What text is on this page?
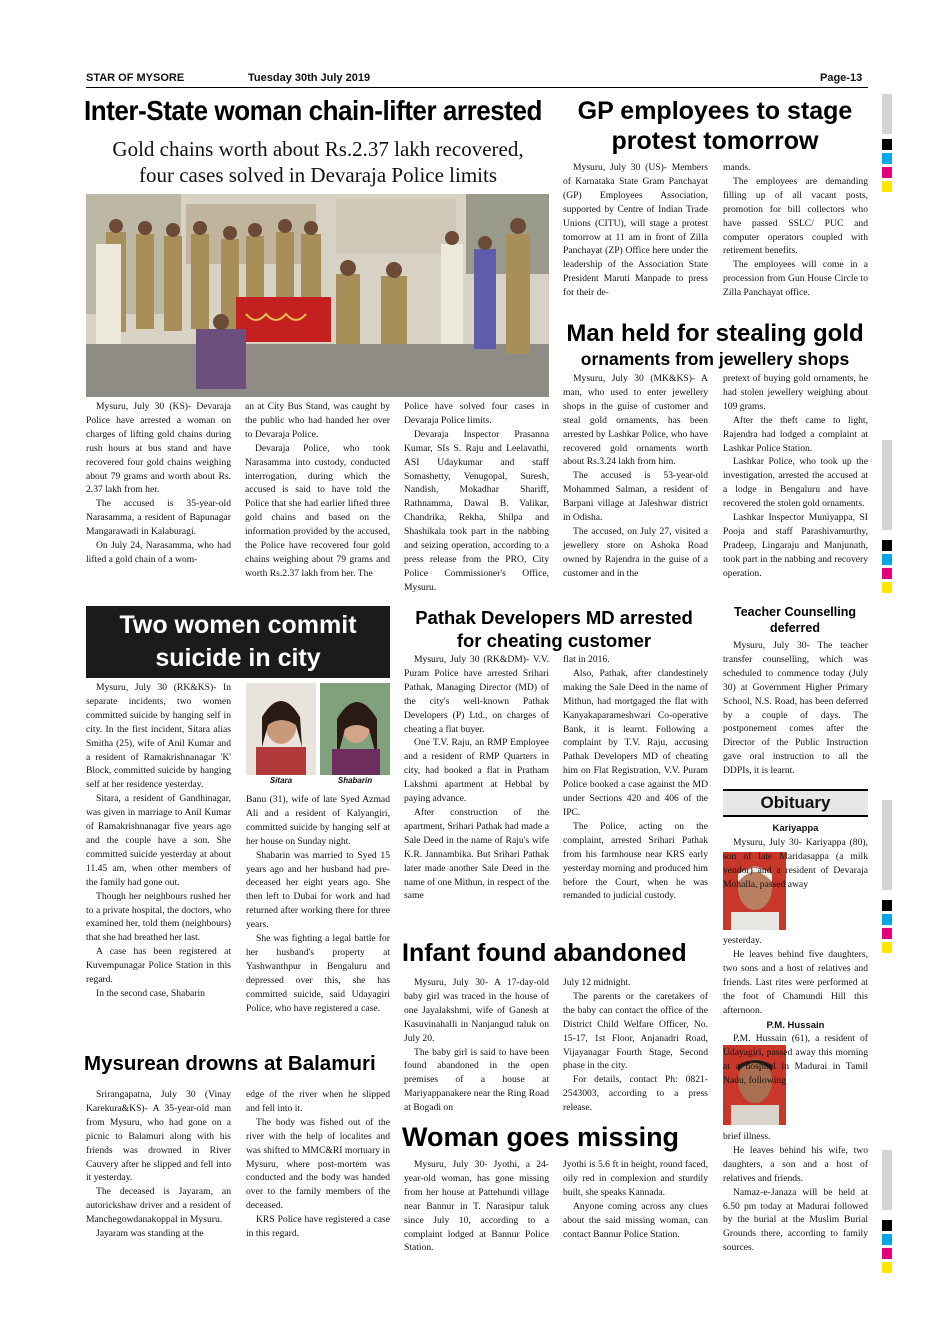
STAR OF MYSORE	Tuesday 30th July 2019	Page-13
Inter-State woman chain-lifter arrested
Gold chains worth about Rs.2.37 lakh recovered,
four cases solved in Devaraja Police limits

Mysuru, July 30 (KS)- Devaraja Police have arrested a woman on charges of lifting gold chains during rush hours at bus stand and have recovered four gold chains weighing about 79 grams and worth about Rs. 2.37 lakh from her.

The accused is 35-year-old Narasamma, a resident of Bapunagar Mangarawadi in Kalaburagi.

On July 24, Narasamma, who had lifted a gold chain of a wom-

an at City Bus Stand, was caught by the public who had handed her over to Devaraja Police.

Devaraja Police, who took Narasamma into custody, conducted interrogation, during which the accused is said to have told the Police that she had earlier lifted three gold chains and based on the information provided by the accused, the Police have recovered four gold chains weighing about 79 grams and worth Rs.2.37 lakh from her. The

Police have solved four cases in Devaraja Police limits.

Devaraja Inspector Prasanna Kumar, SIs S. Raju and Leelavathi, ASI Udaykumar and staff Somashetty, Venugopal, Suresh, Nandish, Mokadhar Shariff, Rathnamma, Dawal B. Valikar, Chandrika, Rekha, Shilpa and Shashikala took part in the nabbing and seizing operation, according to a press release from the PRO, City Police Commissioner's Office, Mysuru.

GP employees to stage
protest tomorrow

Mysuru, July 30 (US)- Members of Karnataka State Gram Panchayat (GP) Employees Association, supported by Centre of Indian Trade Unions (CITU), will stage a protest tomorrow at 11 am in front of Zilla Panchayat (ZP) Office here under the leadership of the Association State President Maruti Manpade to press for their de-

mands.

The employees are demanding filling up of all vacant posts, promotion for bill collectors who have passed SSLC/ PUC and computer operators coupled with retirement benefits.

The employees will come in a procession from Gun House Circle to Zilla Panchayat office.

Man held for stealing gold
ornaments from jewellery shops

Mysuru, July 30 (MK&KS)- A man, who used to enter jewellery shops in the guise of customer and steal gold ornaments, has been arrested by Lashkar Police, who have recovered gold ornaments worth about Rs.3.24 lakh from him.

The accused is 53-year-old Mohammed Salman, a resident of Barpani village at Jaleshwar district in Odisha.

The accused, on July 27, visited a jewellery store on Ashoka Road owned by Rajendra in the guise of a customer and in the

pretext of buying gold ornaments, he had stolen jewellery weighing about 109 grams.

After the theft came to light, Rajendra had lodged a complaint at Lashkar Police Station.

Lashkar Police, who took up the investigation, arrested the accused at a lodge in Bengaluru and have recovered the stolen gold ornaments.

Lashkar Inspector Muniyappa, SI Pooja and staff Parashivamurthy, Pradeep, Lingaraju and Manjunath, took part in the nabbing and recovery operation.

Two women commit
suicide in city

Mysuru, July 30 (RK&KS)- In separate incidents, two women committed suicide by hanging self in city. In the first incident, Sitara alias Smitha (25), wife of Anil Kumar and a resident of Ramakrishnanagar 'K' Block, committed suicide by hanging self at her residence yesterday.

Sitara, a resident of Gandhinagar, was given in marriage to Anil Kumar of Ramakrishnanagar five years ago and the couple have a son. She committed suicide yesterday at about 11.45 am, when other members of the family had gone out.

Though her neighbours rushed her to a private hospital, the doctors, who examined her, told them (neighbours) that she had breathed her last.

A case has been registered at Kuvempunagar Police Station in this regard.

In the second case, Shabarin

Sitara	Shabarin

Banu (31), wife of late Syed Azmad Ali and a resident of Kalyangiri, committed suicide by hanging self at her house on Sunday night.

Shabarin was married to Syed 15 years ago and her husband had pre-deceased her eight years ago. She then left to Dubai for work and had returned after working there for three years.

She was fighting a legal battle for her husband's property at Yashwanthpur in Bengaluru and depressed over this, she has committed suicide, said Udayagiri Police, who have registered a case.

Pathak Developers MD arrested
for cheating customer

Mysuru, July 30 (RK&DM)- V.V. Puram Police have arrested Srihari Pathak, Managing Director (MD) of the city's well-known Pathak Developers (P) Ltd., on charges of cheating a flat buyer.

One T.V. Raju, an RMP Employee and a resident of RMP Quarters in city, had booked a flat in Pratham Lakshmi apartment at Hebbal by paying advance.

After construction of the apartment, Srihari Pathak had made a Sale Deed in the name of Raju's wife K.R. Jannambika. But Srihari Pathak later made another Sale Deed in the name of one Mithun, in respect of the same

flat in 2016.

Also, Pathak, after clandestinely making the Sale Deed in the name of Mithun, had mortgaged the flat with Kanyakaparameshwari Co-operative Bank, it is learnt. Following a complaint by T.V. Raju, accusing Pathak Developers MD of cheating him on Flat Registration, V.V. Puram Police booked a case against the MD under Sections 420 and 406 of the IPC.

The Police, acting on the complaint, arrested Srihari Pathak from his farmhouse near KRS early yesterday morning and produced him before the Court, when he was remanded to judicial custody.

Teacher Counselling
deferred

Mysuru, July 30- The teacher transfer counselling, which was scheduled to commence today (July 30) at Government Higher Primary School, N.S. Road, has been deferred by a couple of days. The postponement comes after the Director of the Public Instruction gave oral instruction to all the DDPIs, it is learnt.

Obituary
Kariyappa

Mysuru, July 30- Kariyappa (80), son of late Maridasappa (a milk vendor) and a resident of Devaraja Mohalla, passed away

yesterday.

He leaves behind five daughters, two sons and a host of relatives and friends. Last rites were performed at the foot of Chamundi Hill this afternoon.

P.M. Hussain

P.M. Hussain (61), a resident of Udayagiri, passed away this morning at a hospital in Madurai in Tamil Nadu, following

brief illness.

He leaves behind his wife, two daughters, a son and a host of relatives and friends.

Namaz-e-Janaza will be held at 6.50 pm today at Madurai followed by the burial at the Muslim Burial Grounds there, according to family sources.

Infant found abandoned

Mysuru, July 30- A 17-day-old baby girl was traced in the house of one Jayalakshmi, wife of Ganesh at Kasuvinahalli in Nanjangud taluk on July 20.

The baby girl is said to have been found abandoned in the open premises of a house at Mariyappanakere near the Ring Road at Bogadi on

July 12 midnight.

The parents or the caretakers of the baby can contact the office of the District Child Welfare Officer, No. 15-17, 1st Floor, Anjanadri Road, Vijayanagar Fourth Stage, Second phase in the city.

For details, contact Ph: 0821-2543003, according to a press release.

Woman goes missing

Mysuru, July 30- Jyothi, a 24-year-old woman, has gone missing from her house at Pattehundi village near Bannur in T. Narasipur taluk since July 10, according to a complaint lodged at Bannur Police Station.

Jyothi is 5.6 ft in height, round faced, oily red in complexion and sturdily built, she speaks Kannada.

Anyone coming across any clues about the said missing woman, can contact Bannur Police Station.

Mysurean drowns at Balamuri

Srirangapatna, July 30 (Vinay Karekura&KS)- A 35-year-old man from Mysuru, who had gone on a picnic to Balamuri along with his friends was drowned in River Cauvery after he slipped and fell into it yesterday.

The deceased is Jayaram, an autorickshaw driver and a resident of Manchegowdanakoppal in Mysuru.

Jayaram was standing at the

edge of the river when he slipped and fell into it.

The body was fished out of the river with the help of localites and was shifted to MMC&RI mortuary in Mysuru, where post-mortem was conducted and the body was handed over to the family members of the deceased.

KRS Police have registered a case in this regard.
